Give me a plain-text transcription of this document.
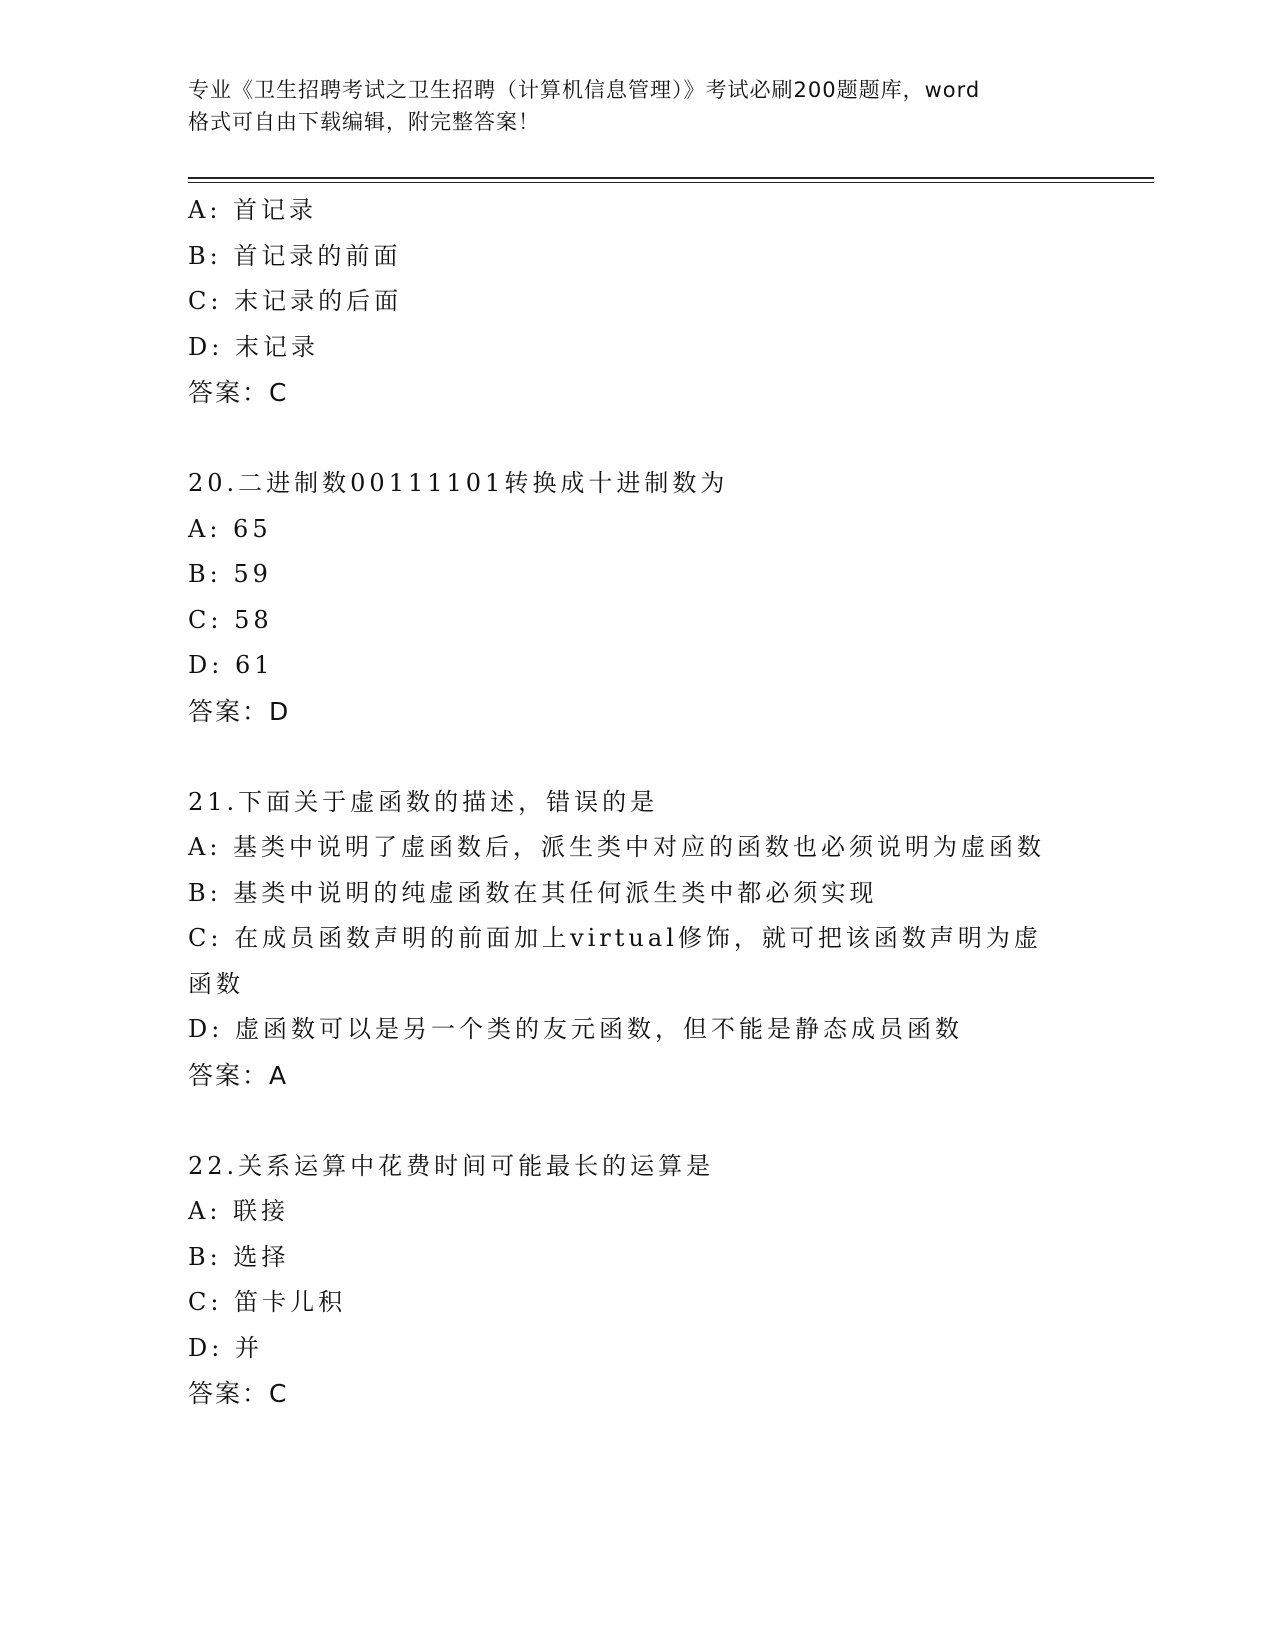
专业《卫生招聘考试之卫生招聘（计算机信息管理）》考试必刷200题题库，word
格式可自由下载编辑，附完整答案！
A: 首记录
B: 首记录的前面
C: 末记录的后面
D: 末记录
答案：C
20.二进制数00111101转换成十进制数为
A: 65
B: 59
C: 58
D: 61
答案：D
21.下面关于虚函数的描述，错误的是
A: 基类中说明了虚函数后，派生类中对应的函数也必须说明为虚函数
B: 基类中说明的纯虚函数在其任何派生类中都必须实现
C: 在成员函数声明的前面加上virtual修饰，就可把该函数声明为虚
函数
D: 虚函数可以是另一个类的友元函数，但不能是静态成员函数
答案：A
22.关系运算中花费时间可能最长的运算是
A: 联接
B: 选择
C: 笛卡儿积
D: 并
答案：C
